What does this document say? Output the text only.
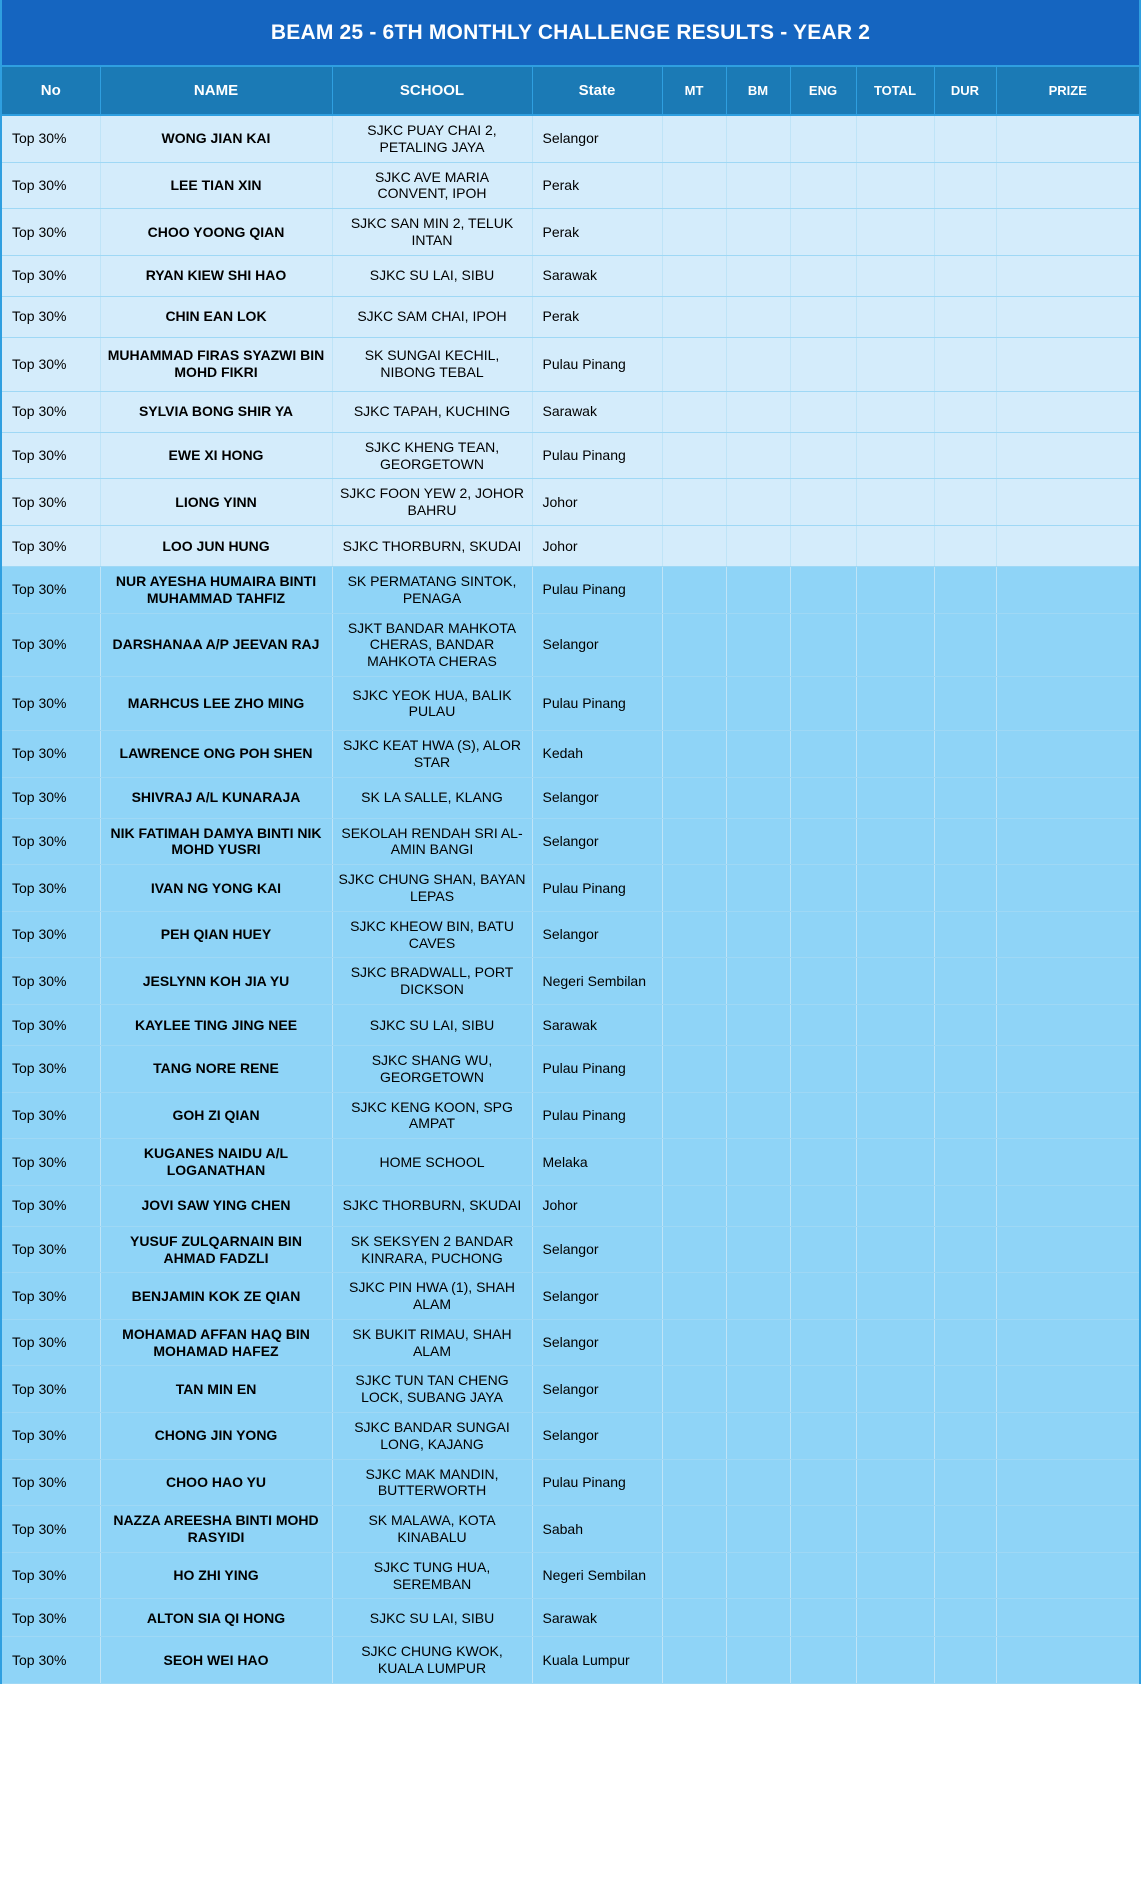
BEAM 25 - 6TH MONTHLY CHALLENGE RESULTS - YEAR 2
No	NAME	SCHOOL	State	MT	BM	ENG	TOTAL	DUR	PRIZE
Top 30%	WONG JIAN KAI	SJKC PUAY CHAI 2, PETALING JAYA	Selangor						
Top 30%	LEE TIAN XIN	SJKC AVE MARIA CONVENT, IPOH	Perak						
Top 30%	CHOO YOONG QIAN	SJKC SAN MIN 2, TELUK INTAN	Perak						
Top 30%	RYAN KIEW SHI HAO	SJKC SU LAI, SIBU	Sarawak						
Top 30%	CHIN EAN LOK	SJKC SAM CHAI, IPOH	Perak						
Top 30%	MUHAMMAD FIRAS SYAZWI BIN MOHD FIKRI	SK SUNGAI KECHIL, NIBONG TEBAL	Pulau Pinang						
Top 30%	SYLVIA BONG SHIR YA	SJKC TAPAH, KUCHING	Sarawak						
Top 30%	EWE XI HONG	SJKC KHENG TEAN, GEORGETOWN	Pulau Pinang						
Top 30%	LIONG YINN	SJKC FOON YEW 2, JOHOR BAHRU	Johor						
Top 30%	LOO JUN HUNG	SJKC THORBURN, SKUDAI	Johor						
Top 30%	NUR AYESHA HUMAIRA BINTI MUHAMMAD TAHFIZ	SK PERMATANG SINTOK, PENAGA	Pulau Pinang						
Top 30%	DARSHANAA A/P JEEVAN RAJ	SJKT BANDAR MAHKOTA CHERAS, BANDAR MAHKOTA CHERAS	Selangor						
Top 30%	MARHCUS LEE ZHO MING	SJKC YEOK HUA, BALIK PULAU	Pulau Pinang						
Top 30%	LAWRENCE ONG POH SHEN	SJKC KEAT HWA (S), ALOR STAR	Kedah						
Top 30%	SHIVRAJ A/L KUNARAJA	SK LA SALLE, KLANG	Selangor						
Top 30%	NIK FATIMAH DAMYA BINTI NIK MOHD YUSRI	SEKOLAH RENDAH SRI AL-AMIN BANGI	Selangor						
Top 30%	IVAN NG YONG KAI	SJKC CHUNG SHAN, BAYAN LEPAS	Pulau Pinang						
Top 30%	PEH QIAN HUEY	SJKC KHEOW BIN, BATU CAVES	Selangor						
Top 30%	JESLYNN KOH JIA YU	SJKC BRADWALL, PORT DICKSON	Negeri Sembilan						
Top 30%	KAYLEE TING JING NEE	SJKC SU LAI, SIBU	Sarawak						
Top 30%	TANG NORE RENE	SJKC SHANG WU, GEORGETOWN	Pulau Pinang						
Top 30%	GOH ZI QIAN	SJKC KENG KOON, SPG AMPAT	Pulau Pinang						
Top 30%	KUGANES NAIDU A/L LOGANATHAN	HOME SCHOOL	Melaka						
Top 30%	JOVI SAW YING CHEN	SJKC THORBURN, SKUDAI	Johor						
Top 30%	YUSUF ZULQARNAIN BIN AHMAD FADZLI	SK SEKSYEN 2 BANDAR KINRARA, PUCHONG	Selangor						
Top 30%	BENJAMIN KOK ZE QIAN	SJKC PIN HWA (1), SHAH ALAM	Selangor						
Top 30%	MOHAMAD AFFAN HAQ BIN MOHAMAD HAFEZ	SK BUKIT RIMAU, SHAH ALAM	Selangor						
Top 30%	TAN MIN EN	SJKC TUN TAN CHENG LOCK, SUBANG JAYA	Selangor						
Top 30%	CHONG JIN YONG	SJKC BANDAR SUNGAI LONG, KAJANG	Selangor						
Top 30%	CHOO HAO YU	SJKC MAK MANDIN, BUTTERWORTH	Pulau Pinang						
Top 30%	NAZZA AREESHA BINTI MOHD RASYIDI	SK MALAWA, KOTA KINABALU	Sabah						
Top 30%	HO ZHI YING	SJKC TUNG HUA, SEREMBAN	Negeri Sembilan						
Top 30%	ALTON SIA QI HONG	SJKC SU LAI, SIBU	Sarawak						
Top 30%	SEOH WEI HAO	SJKC CHUNG KWOK, KUALA LUMPUR	Kuala Lumpur						
